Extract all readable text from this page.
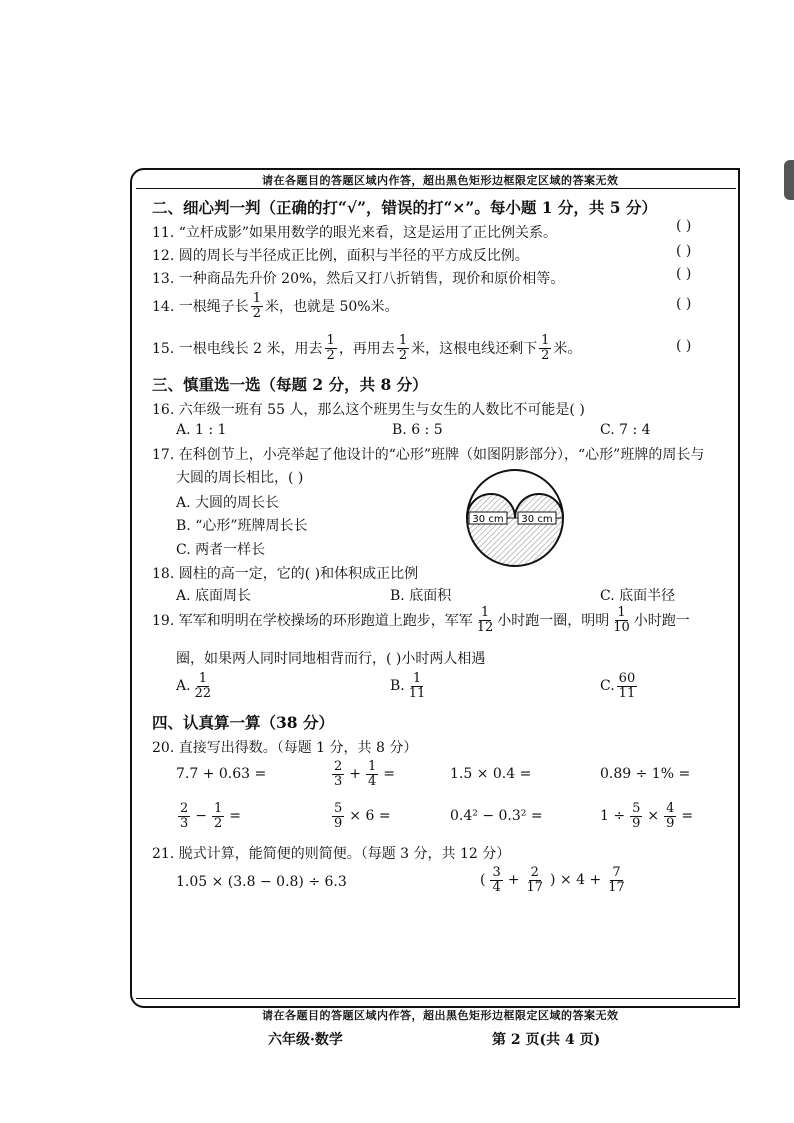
请在各题目的答题区域内作答，超出黑色矩形边框限定区域的答案无效
二、细心判一判（正确的打“√”，错误的打“×”。每小题 1 分，共 5 分）
11. “立杆成影”如果用数学的眼光来看，这是运用了正比例关系。	( )
12. 圆的周长与半径成正比例，面积与半径的平方成反比例。	( )
13. 一种商品先升价 20%，然后又打八折销售，现价和原价相等。	( )
14. 一根绳子长 $\frac{1}{2}$ 米，也就是 50%米。	( )
15. 一根电线长 2 米，用去 $\frac{1}{2}$ ，再用去 $\frac{1}{2}$ 米，这根电线还剩下 $\frac{1}{2}$ 米。	( )
三、慎重选一选（每题 2 分，共 8 分）
16. 六年级一班有 55 人，那么这个班男生与女生的人数比不可能是( )
A. 1 : 1	B. 6 : 5	C. 7 : 4
17. 在科创节上，小亮举起了他设计的“心形”班牌（如图阴影部分），“心形”班牌的周长与
大圆的周长相比，( )
A. 大圆的周长长
B. “心形”班牌周长长
C. 两者一样长
30 cm 30 cm
18. 圆柱的高一定，它的( )和体积成正比例
A. 底面周长	B. 底面积	C. 底面半径
19. 军军和明明在学校操场的环形跑道上跑步，军军 $\frac{1}{12}$ 小时跑一圈，明明 $\frac{1}{10}$ 小时跑一
圈，如果两人同时同地相背而行，( )小时两人相遇
A. $\frac{1}{22}$	B. $\frac{1}{11}$	C. $\frac{60}{11}$
四、认真算一算（38 分）
20. 直接写出得数。（每题 1 分，共 8 分）
7.7 + 0.63 =	$\frac{2}{3} + \frac{1}{4}$ =	1.5 × 0.4 =	0.89 ÷ 1% =
$\frac{2}{3} - \frac{1}{2}$ =	$\frac{5}{9} \times 6$ =	0.4² − 0.3² =	$1 \div \frac{5}{9} \times \frac{4}{9}$ =
21. 脱式计算，能简便的则简便。（每题 3 分，共 12 分）
1.05 × (3.8 − 0.8) ÷ 6.3	( $\frac{3}{4} + \frac{2}{17}$ ) × $4 + \frac{7}{17}$
请在各题目的答题区域内作答，超出黑色矩形边框限定区域的答案无效
六年级·数学	第 2 页(共 4 页)
